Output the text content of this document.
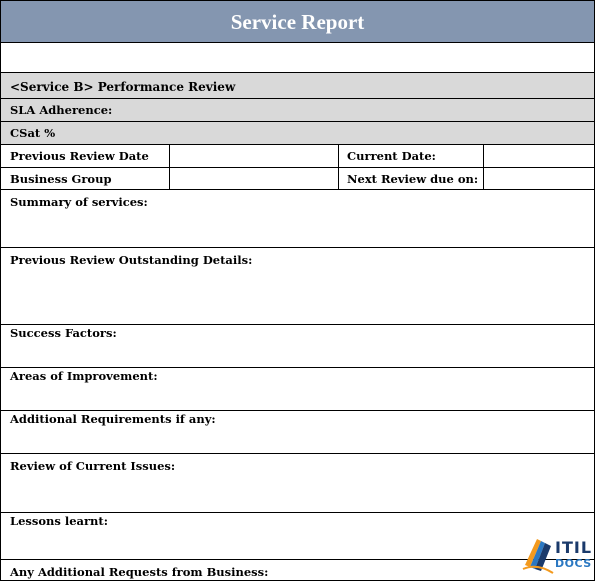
Service Report
<Service B> Performance Review
SLA Adherence:
CSat %
Previous Review Date	Current Date:
Business Group	Next Review due on:
Summary of services:
Previous Review Outstanding Details:
Success Factors:
Areas of Improvement:
Additional Requirements if any:
Review of Current Issues:
Lessons learnt:
Any Additional Requests from Business:
ITIL
DOCS
